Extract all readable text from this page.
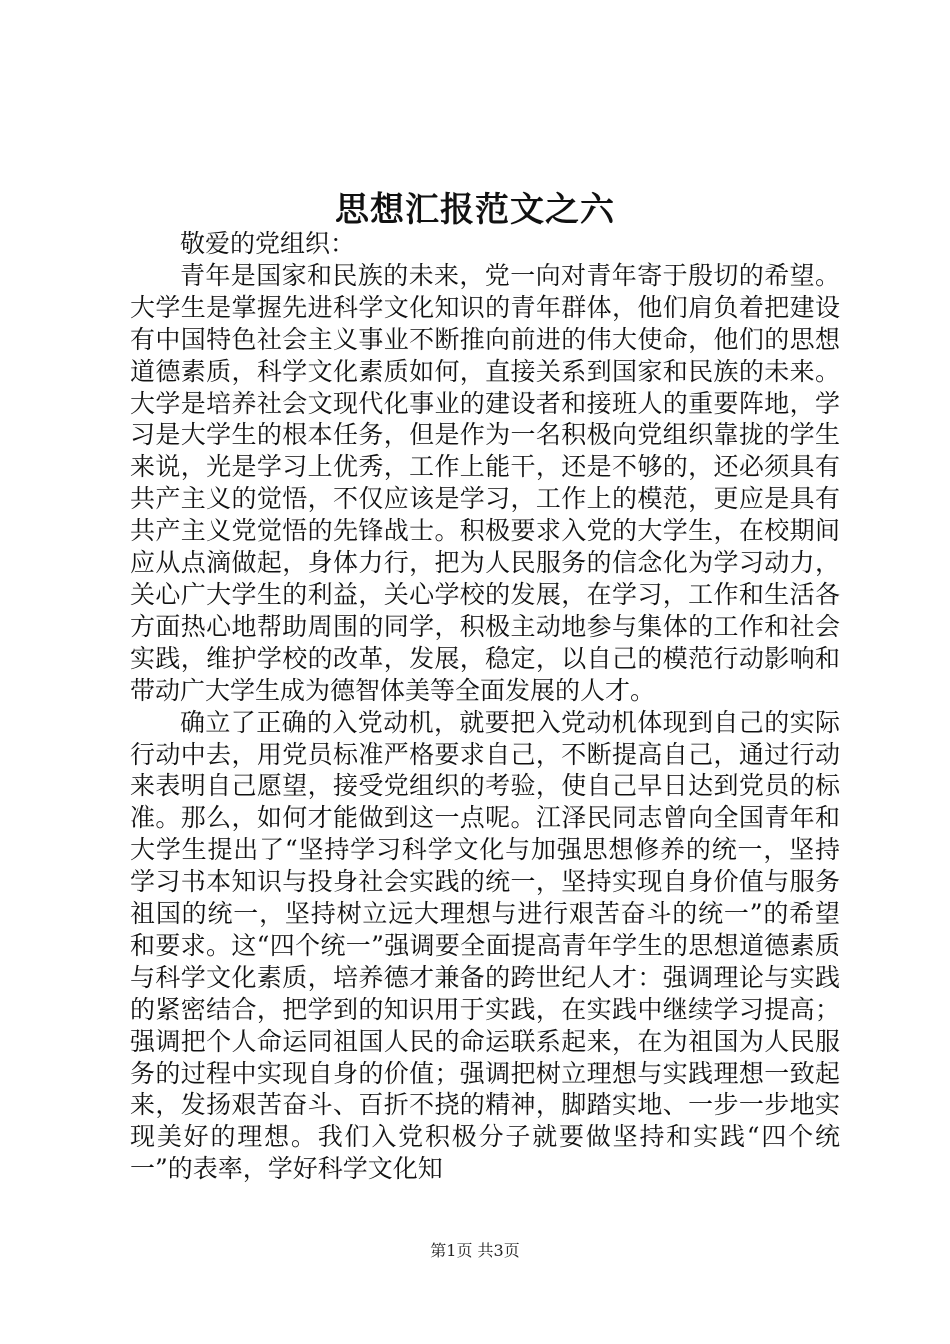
思想汇报范文之六

敬爱的党组织：

青年是国家和民族的未来，党一向对青年寄于殷切的希望。大学生是掌握先进科学文化知识的青年群体，他们肩负着把建设有中国特色社会主义事业不断推向前进的伟大使命，他们的思想道德素质，科学文化素质如何，直接关系到国家和民族的未来。大学是培养社会文现代化事业的建设者和接班人的重要阵地，学习是大学生的根本任务，但是作为一名积极向党组织靠拢的学生来说，光是学习上优秀，工作上能干，还是不够的，还必须具有共产主义的觉悟，不仅应该是学习，工作上的模范，更应是具有共产主义党觉悟的先锋战士。积极要求入党的大学生，在校期间应从点滴做起，身体力行，把为人民服务的信念化为学习动力，关心广大学生的利益，关心学校的发展，在学习，工作和生活各方面热心地帮助周围的同学，积极主动地参与集体的工作和社会实践，维护学校的改革，发展，稳定，以自己的模范行动影响和带动广大学生成为德智体美等全面发展的人才。

确立了正确的入党动机，就要把入党动机体现到自己的实际行动中去，用党员标准严格要求自己，不断提高自己，通过行动来表明自己愿望，接受党组织的考验，使自己早日达到党员的标准。那么，如何才能做到这一点呢。江泽民同志曾向全国青年和大学生提出了“坚持学习科学文化与加强思想修养的统一，坚持学习书本知识与投身社会实践的统一，坚持实现自身价值与服务祖国的统一，坚持树立远大理想与进行艰苦奋斗的统一”的希望和要求。这“四个统一”强调要全面提高青年学生的思想道德素质与科学文化素质，培养德才兼备的跨世纪人才：强调理论与实践的紧密结合，把学到的知识用于实践，在实践中继续学习提高；强调把个人命运同祖国人民的命运联系起来，在为祖国为人民服务的过程中实现自身的价值；强调把树立理想与实践理想一致起来，发扬艰苦奋斗、百折不挠的精神，脚踏实地、一步一步地实现美好的理想。我们入党积极分子就要做坚持和实践“四个统一”的表率，学好科学文化知

第1页 共3页
